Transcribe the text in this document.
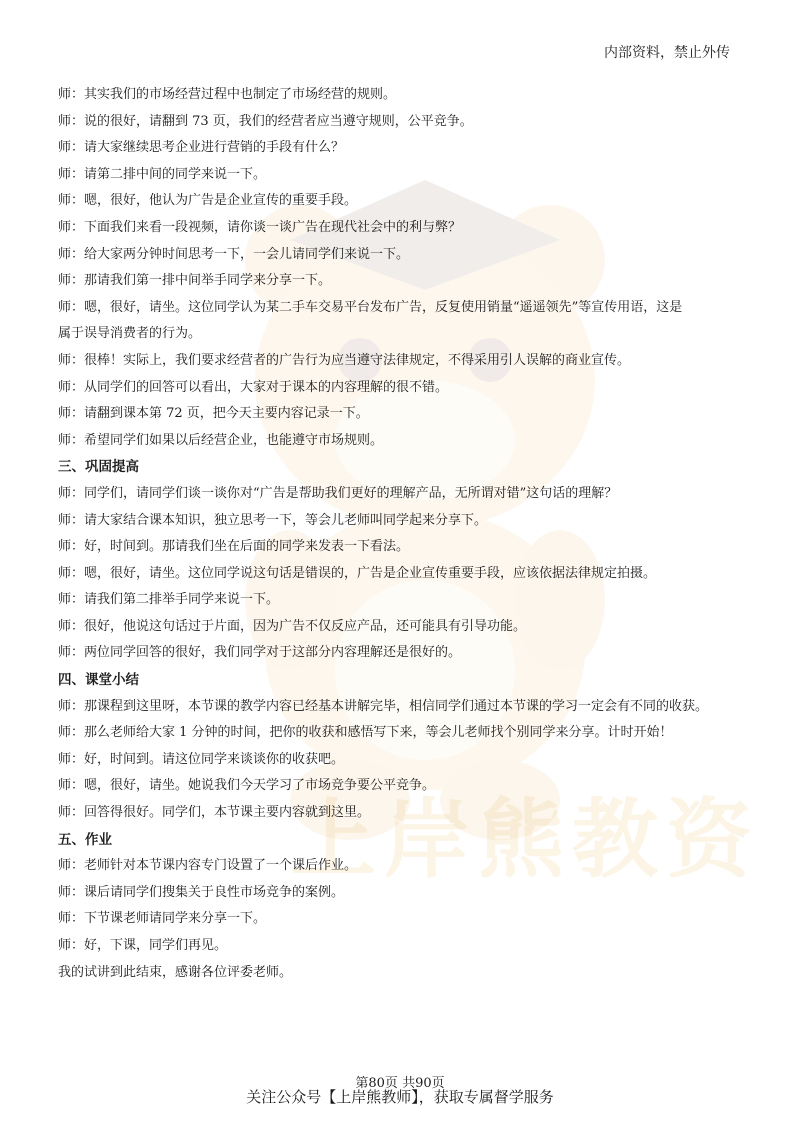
上岸熊教资
内部资料，禁止外传
师：其实我们的市场经营过程中也制定了市场经营的规则。
师：说的很好，请翻到 73 页，我们的经营者应当遵守规则，公平竞争。
师：请大家继续思考企业进行营销的手段有什么？
师：请第二排中间的同学来说一下。
师：嗯，很好，他认为广告是企业宣传的重要手段。
师：下面我们来看一段视频，请你谈一谈广告在现代社会中的利与弊？
师：给大家两分钟时间思考一下，一会儿请同学们来说一下。
师：那请我们第一排中间举手同学来分享一下。
师：嗯，很好，请坐。这位同学认为某二手车交易平台发布广告，反复使用销量“遥遥领先”等宣传用语，这是
属于误导消费者的行为。
师：很棒！实际上，我们要求经营者的广告行为应当遵守法律规定，不得采用引人误解的商业宣传。
师：从同学们的回答可以看出，大家对于课本的内容理解的很不错。
师：请翻到课本第 72 页，把今天主要内容记录一下。
师：希望同学们如果以后经营企业，也能遵守市场规则。
三、巩固提高
师：同学们，请同学们谈一谈你对“广告是帮助我们更好的理解产品，无所谓对错”这句话的理解？
师：请大家结合课本知识，独立思考一下，等会儿老师叫同学起来分享下。
师：好，时间到。那请我们坐在后面的同学来发表一下看法。
师：嗯，很好，请坐。这位同学说这句话是错误的，广告是企业宣传重要手段，应该依据法律规定拍摄。
师：请我们第二排举手同学来说一下。
师：很好，他说这句话过于片面，因为广告不仅反应产品，还可能具有引导功能。
师：两位同学回答的很好，我们同学对于这部分内容理解还是很好的。
四、课堂小结
师：那课程到这里呀，本节课的教学内容已经基本讲解完毕，相信同学们通过本节课的学习一定会有不同的收获。
师：那么老师给大家 1 分钟的时间，把你的收获和感悟写下来，等会儿老师找个别同学来分享。计时开始！
师：好，时间到。请这位同学来谈谈你的收获吧。
师：嗯，很好，请坐。她说我们今天学习了市场竞争要公平竞争。
师：回答得很好。同学们，本节课主要内容就到这里。
五、作业
师：老师针对本节课内容专门设置了一个课后作业。
师：课后请同学们搜集关于良性市场竞争的案例。
师：下节课老师请同学来分享一下。
师：好，下课，同学们再见。
我的试讲到此结束，感谢各位评委老师。
第80页 共90页
关注公众号【上岸熊教师】，获取专属督学服务
